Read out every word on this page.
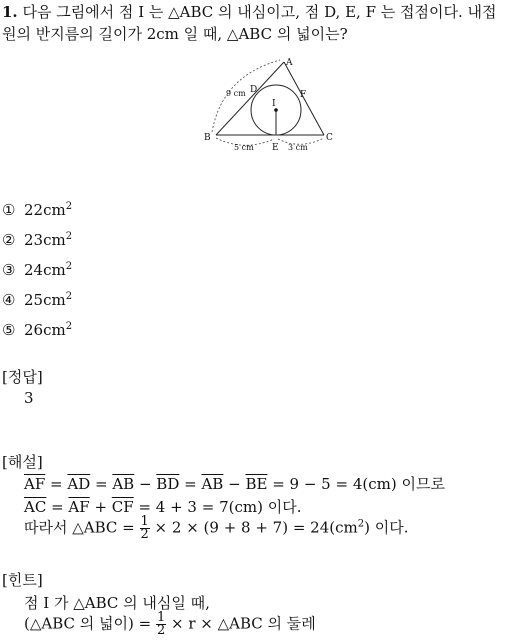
1. 다음 그림에서 점 I 는 △ABC 의 내심이고, 점 D, E, F 는 접점이다. 내접
원의 반지름의 길이가 2cm 일 때, △ABC 의 넓이는?
A
B	C
D
E
F
I
9 cm
5 cm	3 cm
① $22cm^2$
② $23cm^2$
③ $24cm^2$
④ $25cm^2$
⑤ $26cm^2$
[정답]
3
[해설]
$\overline{AF} = \overline{AD} = \overline{AB} - \overline{BD} = \overline{AB} - \overline{BE} = 9 - 5 = 4(cm)$ 이므로
$\overline{AC} = \overline{AF} + \overline{CF} = 4 + 3 = 7(cm)$ 이다.
따라서 △ABC = $\frac{1}{2} \times 2 \times (9 + 8 + 7) = 24(cm^2)$ 이다.
[힌트]
점 I 가 △ABC 의 내심일 때,
(△ABC 의 넓이) = $\frac{1}{2} \times r$ × △ABC 의 둘레
